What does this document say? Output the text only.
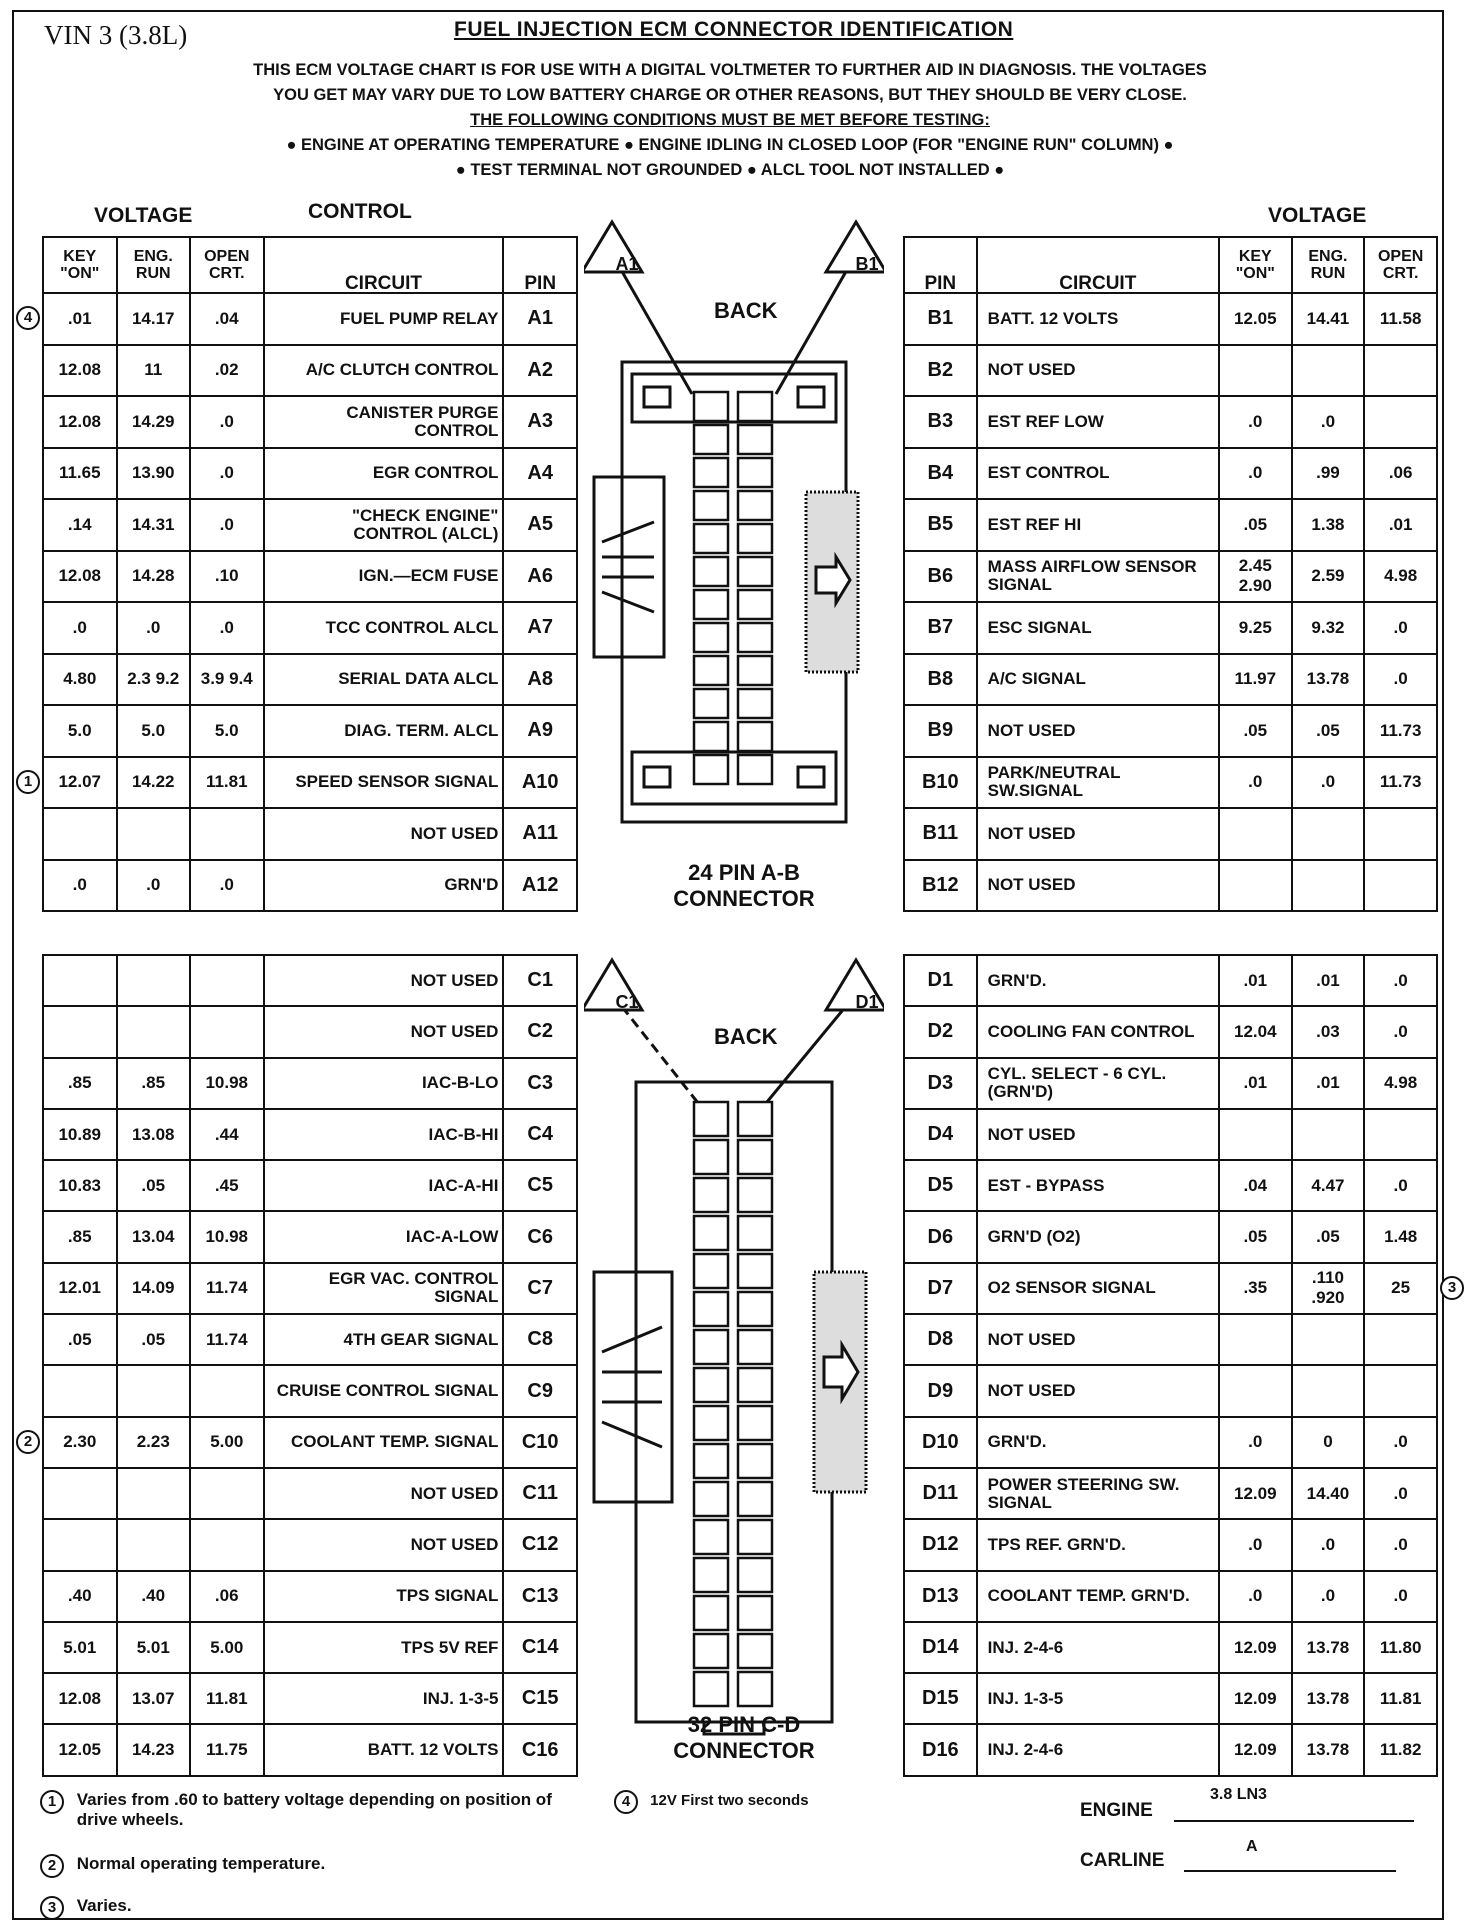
VIN 3 (3.8L)	FUEL INJECTION ECM CONNECTOR IDENTIFICATION
THIS ECM VOLTAGE CHART IS FOR USE WITH A DIGITAL VOLTMETER TO FURTHER AID IN DIAGNOSIS. THE VOLTAGES
YOU GET MAY VARY DUE TO LOW BATTERY CHARGE OR OTHER REASONS, BUT THEY SHOULD BE VERY CLOSE.
THE FOLLOWING CONDITIONS MUST BE MET BEFORE TESTING:
● ENGINE AT OPERATING TEMPERATURE ● ENGINE IDLING IN CLOSED LOOP (FOR "ENGINE RUN" COLUMN) ●
● TEST TERMINAL NOT GROUNDED ● ALCL TOOL NOT INSTALLED ●
VOLTAGE	CONTROL	VOLTAGE
KEY "ON"	ENG. RUN	OPEN CRT.	CIRCUIT	PIN
.01	14.17	.04	FUEL PUMP RELAY	A1
12.08	11	.02	A/C CLUTCH CONTROL	A2
12.08	14.29	.0	CANISTER PURGE CONTROL	A3
11.65	13.90	.0	EGR CONTROL	A4
.14	14.31	.0	"CHECK ENGINE" CONTROL (ALCL)	A5
12.08	14.28	.10	IGN.—ECM FUSE	A6
.0	.0	.0	TCC CONTROL ALCL	A7
4.80	2.3 9.2	3.9 9.4	SERIAL DATA ALCL	A8
5.0	5.0	5.0	DIAG. TERM. ALCL	A9
12.07	14.22	11.81	SPEED SENSOR SIGNAL	A10
			NOT USED	A11
.0	.0	.0	GRN'D	A12
PIN	CIRCUIT	KEY "ON"	ENG. RUN	OPEN CRT.
B1	BATT. 12 VOLTS	12.05	14.41	11.58
B2	NOT USED			
B3	EST REF LOW	.0	.0	
B4	EST CONTROL	.0	.99	.06
B5	EST REF HI	.05	1.38	.01
B6	MASS AIRFLOW SENSOR SIGNAL	2.45 2.90	2.59	4.98
B7	ESC SIGNAL	9.25	9.32	.0
B8	A/C SIGNAL	11.97	13.78	.0
B9	NOT USED	.05	.05	11.73
B10	PARK/NEUTRAL SW.SIGNAL	.0	.0	11.73
B11	NOT USED			
B12	NOT USED			
			NOT USED	C1
			NOT USED	C2
.85	.85	10.98	IAC-B-LO	C3
10.89	13.08	.44	IAC-B-HI	C4
10.83	.05	.45	IAC-A-HI	C5
.85	13.04	10.98	IAC-A-LOW	C6
12.01	14.09	11.74	EGR VAC. CONTROL SIGNAL	C7
.05	.05	11.74	4TH GEAR SIGNAL	C8
			CRUISE CONTROL SIGNAL	C9
2.30	2.23	5.00	COOLANT TEMP. SIGNAL	C10
			NOT USED	C11
			NOT USED	C12
.40	.40	.06	TPS SIGNAL	C13
5.01	5.01	5.00	TPS 5V REF	C14
12.08	13.07	11.81	INJ. 1-3-5	C15
12.05	14.23	11.75	BATT. 12 VOLTS	C16
D1	GRN'D.	.01	.01	.0
D2	COOLING FAN CONTROL	12.04	.03	.0
D3	CYL. SELECT - 6 CYL. (GRN'D)	.01	.01	4.98
D4	NOT USED			
D5	EST - BYPASS	.04	4.47	.0
D6	GRN'D (O2)	.05	.05	1.48
D7	O2 SENSOR SIGNAL	.35	.110 .920	25
D8	NOT USED			
D9	NOT USED			
D10	GRN'D.	.0	0	.0
D11	POWER STEERING SW. SIGNAL	12.09	14.40	.0
D12	TPS REF. GRN'D.	.0	.0	.0
D13	COOLANT TEMP. GRN'D.	.0	.0	.0
D14	INJ. 2-4-6	12.09	13.78	11.80
D15	INJ. 1-3-5	12.09	13.78	11.81
D16	INJ. 2-4-6	12.09	13.78	11.82
A1	B1
BACK
24 PIN A-B
CONNECTOR
C1	D1
BACK
32 PIN C-D
CONNECTOR
1 Varies from .60 to battery voltage depending on position of drive wheels.
2 Normal operating temperature.
3 Varies.
4 12V First two seconds	ENGINE
3.8 LN3
CARLINE
A
4
1
2
3
